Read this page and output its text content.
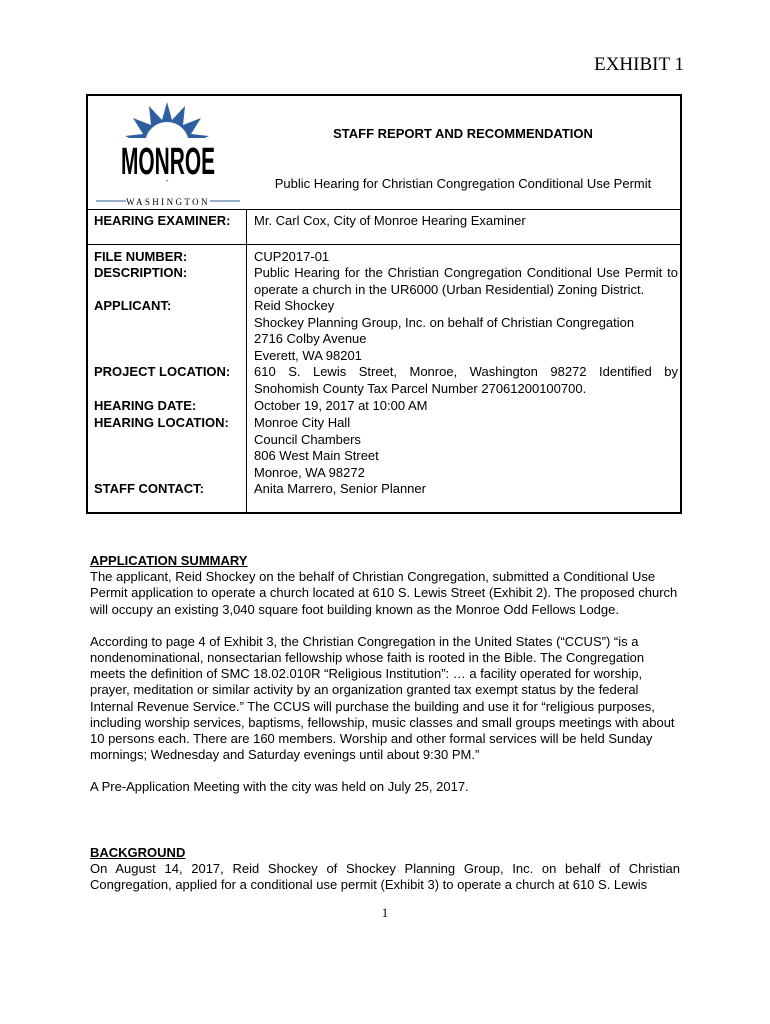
EXHIBIT 1
MONROE
WASHINGTON
STAFF REPORT AND RECOMMENDATION
Public Hearing for Christian Congregation Conditional Use Permit
HEARING EXAMINER: Mr. Carl Cox, City of Monroe Hearing Examiner
FILE NUMBER:	CUP2017-01
DESCRIPTION:	Public Hearing for the Christian Congregation Conditional Use Permit to
operate a church in the UR6000 (Urban Residential) Zoning District.
APPLICANT:	Reid Shockey
Shockey Planning Group, Inc. on behalf of Christian Congregation
2716 Colby Avenue
Everett, WA 98201
PROJECT LOCATION: 610 S. Lewis Street, Monroe, Washington 98272 Identified by
Snohomish County Tax Parcel Number 27061200100700.
HEARING DATE:	October 19, 2017 at 10:00 AM
HEARING LOCATION: Monroe City Hall
Council Chambers
806 West Main Street
Monroe, WA 98272
STAFF CONTACT:	Anita Marrero, Senior Planner

APPLICATION SUMMARY

The applicant, Reid Shockey on the behalf of Christian Congregation, submitted a Conditional Use Permit application to operate a church located at 610 S. Lewis Street (Exhibit 2). The proposed church will occupy an existing 3,040 square foot building known as the Monroe Odd Fellows Lodge.

According to page 4 of Exhibit 3, the Christian Congregation in the United States (“CCUS”) “is a nondenominational, nonsectarian fellowship whose faith is rooted in the Bible. The Congregation meets the definition of SMC 18.02.010R “Religious Institution”: … a facility operated for worship, prayer, meditation or similar activity by an organization granted tax exempt status by the federal Internal Revenue Service.” The CCUS will purchase the building and use it for “religious purposes, including worship services, baptisms, fellowship, music classes and small groups meetings with about 10 persons each. There are 160 members. Worship and other formal services will be held Sunday mornings; Wednesday and Saturday evenings until about 9:30 PM.”

A Pre-Application Meeting with the city was held on July 25, 2017.

BACKGROUND

On August 14, 2017, Reid Shockey of Shockey Planning Group, Inc. on behalf of Christian

Congregation, applied for a conditional use permit (Exhibit 3) to operate a church at 610 S. Lewis

1
